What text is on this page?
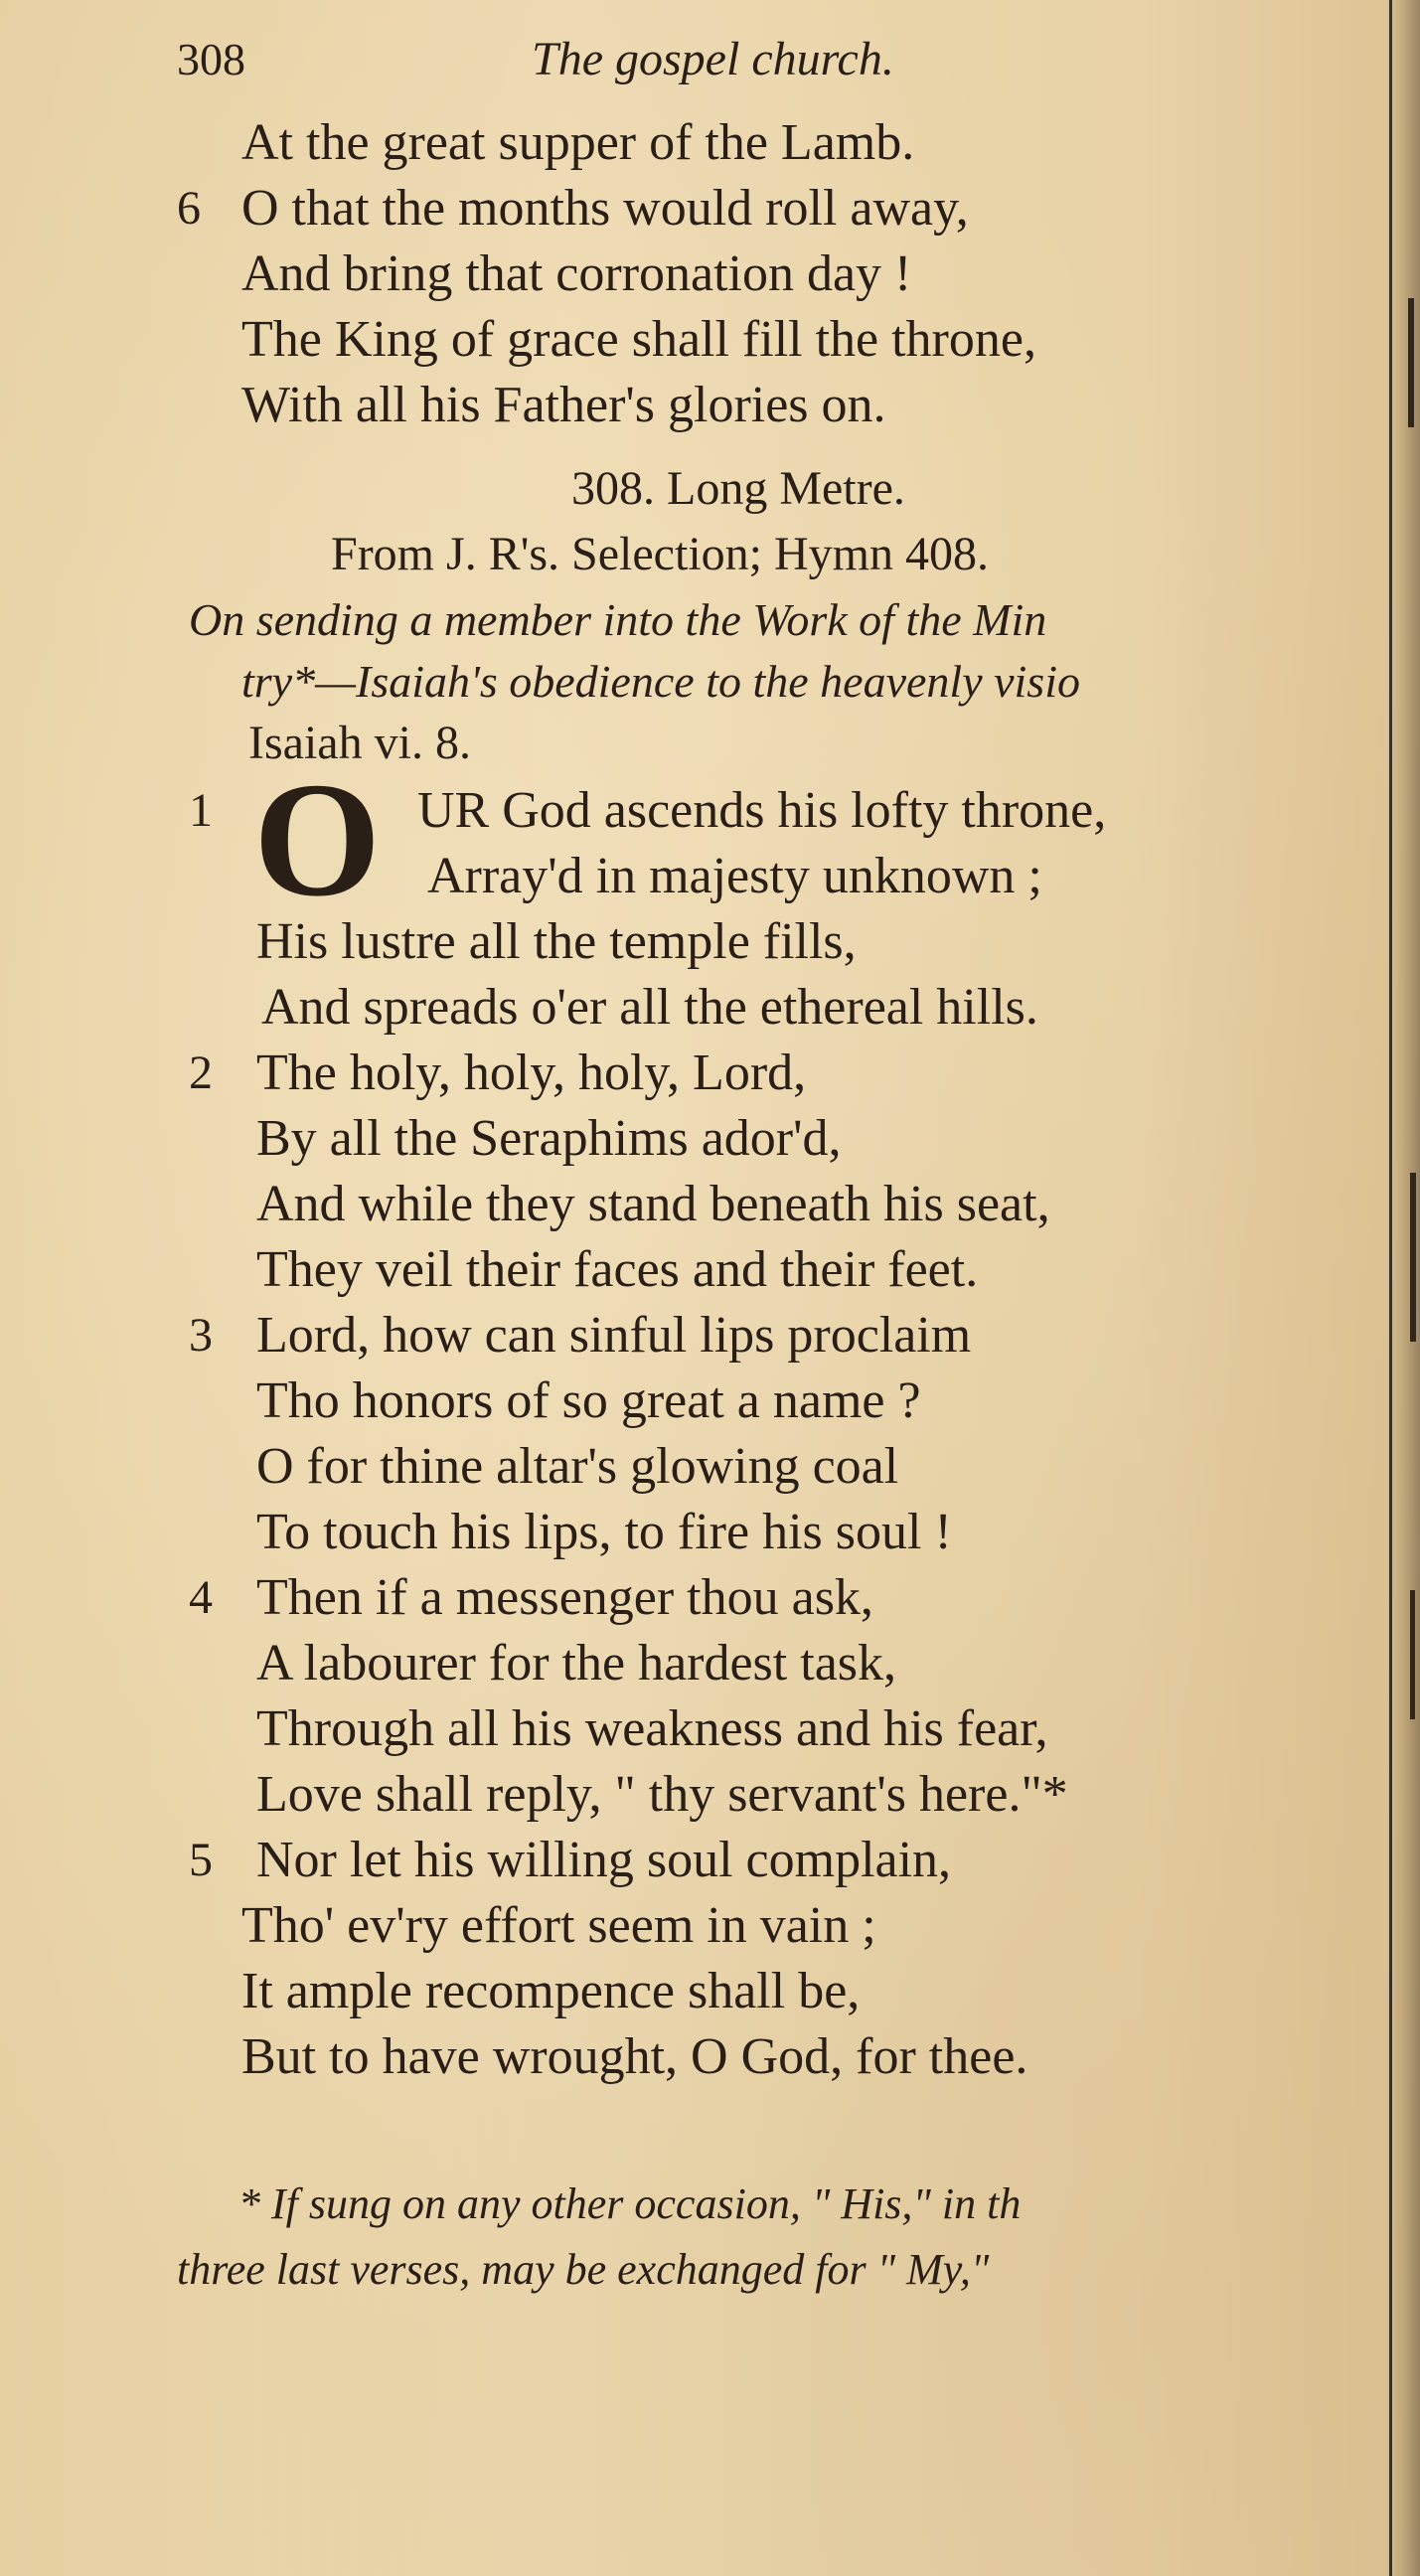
308	The gospel church.
At the great supper of the Lamb.
6 O that the months would roll away,
And bring that corronation day !
The King of grace shall fill the throne,
With all his Father's glories on.
308. Long Metre.
From J. R's. Selection; Hymn 408.
On sending a member into the Work of the Min
try*—Isaiah's obedience to the heavenly visio
Isaiah vi. 8.
1 O UR God ascends his lofty throne,
Array'd in majesty unknown ;
His lustre all the temple fills,
And spreads o'er all the ethereal hills.
2 The holy, holy, holy, Lord,
By all the Seraphims ador'd,
And while they stand beneath his seat,
They veil their faces and their feet.
3 Lord, how can sinful lips proclaim
Tho honors of so great a name ?
O for thine altar's glowing coal
To touch his lips, to fire his soul !
4 Then if a messenger thou ask,
A labourer for the hardest task,
Through all his weakness and his fear,
Love shall reply, " thy servant's here."*
5 Nor let his willing soul complain,
Tho' ev'ry effort seem in vain ;
It ample recompence shall be,
But to have wrought, O God, for thee.
* If sung on any other occasion, " His," in th
three last verses, may be exchanged for " My,"
